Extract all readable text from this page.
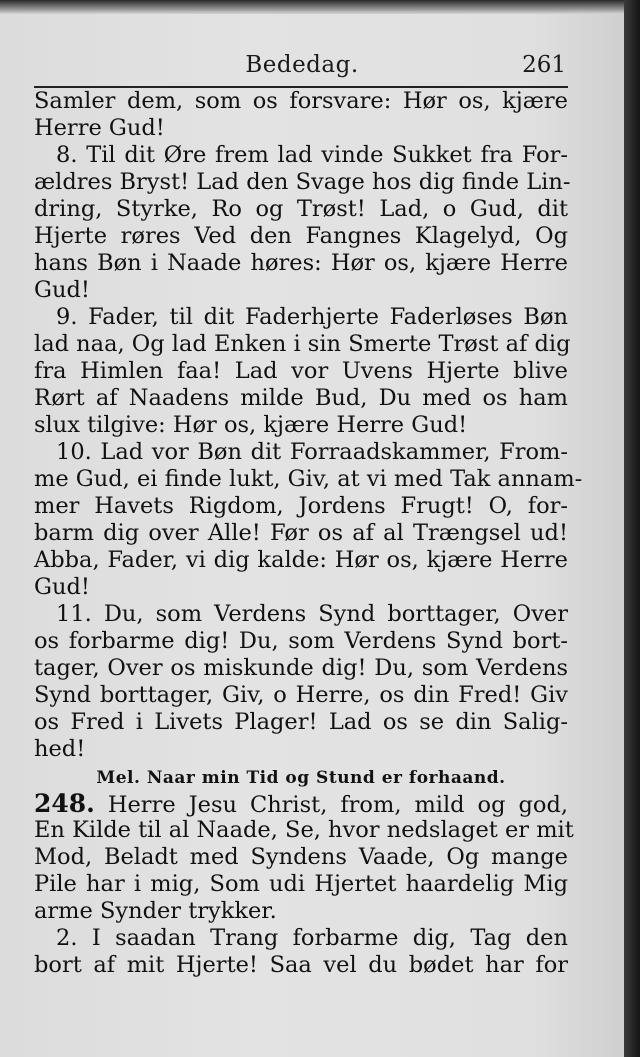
Bededag.	261
Samler dem, som os forsvare: Hør os, kjære
Herre Gud!
8. Til dit Øre frem lad vinde Sukket fra For-
ældres Bryst! Lad den Svage hos dig finde Lin-
dring, Styrke, Ro og Trøst! Lad, o Gud, dit
Hjerte røres Ved den Fangnes Klagelyd, Og
hans Bøn i Naade høres: Hør os, kjære Herre
Gud!
9. Fader, til dit Faderhjerte Faderløses Bøn
lad naa, Og lad Enken i sin Smerte Trøst af dig
fra Himlen faa! Lad vor Uvens Hjerte blive
Rørt af Naadens milde Bud, Du med os ham
slux tilgive: Hør os, kjære Herre Gud!
10. Lad vor Bøn dit Forraadskammer, From-
me Gud, ei finde lukt, Giv, at vi med Tak annam-
mer Havets Rigdom, Jordens Frugt! O, for-
barm dig over Alle! Før os af al Trængsel ud!
Abba, Fader, vi dig kalde: Hør os, kjære Herre
Gud!
11. Du, som Verdens Synd borttager, Over
os forbarme dig! Du, som Verdens Synd bort-
tager, Over os miskunde dig! Du, som Verdens
Synd borttager, Giv, o Herre, os din Fred! Giv
os Fred i Livets Plager! Lad os se din Salig-
hed!
Mel. Naar min Tid og Stund er forhaand.
248. Herre Jesu Christ, from, mild og god,
En Kilde til al Naade, Se, hvor nedslaget er mit
Mod, Beladt med Syndens Vaade, Og mange
Pile har i mig, Som udi Hjertet haardelig Mig
arme Synder trykker.
2. I saadan Trang forbarme dig, Tag den
bort af mit Hjerte! Saa vel du bødet har for
